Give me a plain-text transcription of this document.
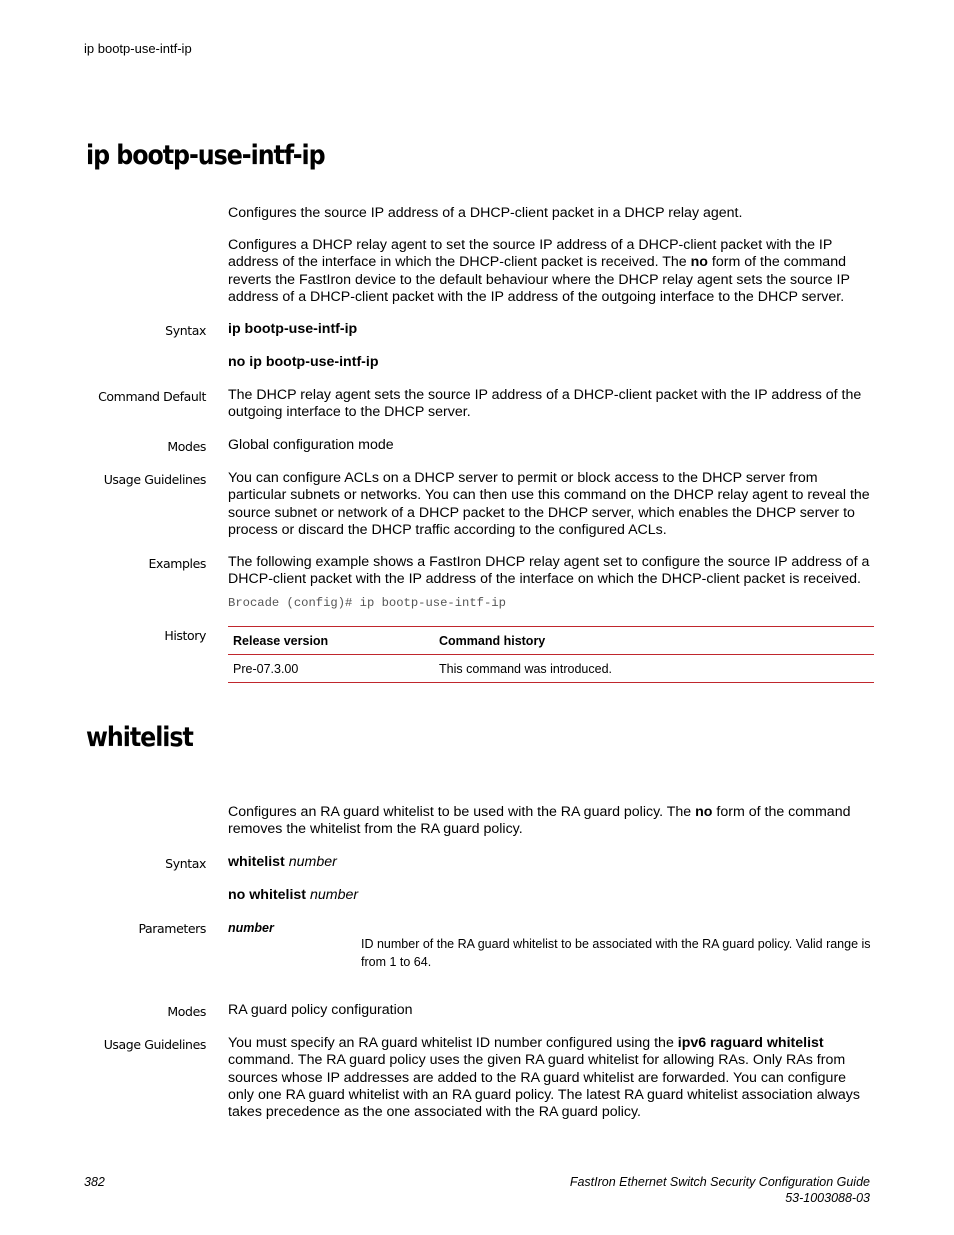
ip bootp-use-intf-ip
ip bootp-use-intf-ip
Configures the source IP address of a DHCP-client packet in a DHCP relay agent.
Configures a DHCP relay agent to set the source IP address of a DHCP-client packet with the IP address of the interface in which the DHCP-client packet is received. The no form of the command reverts the FastIron device to the default behaviour where the DHCP relay agent sets the source IP address of a DHCP-client packet with the IP address of the outgoing interface to the DHCP server.
Syntax ip bootp-use-intf-ip
no ip bootp-use-intf-ip
Command Default The DHCP relay agent sets the source IP address of a DHCP-client packet with the IP address of the outgoing interface to the DHCP server.
Modes Global configuration mode
Usage Guidelines You can configure ACLs on a DHCP server to permit or block access to the DHCP server from particular subnets or networks. You can then use this command on the DHCP relay agent to reveal the source subnet or network of a DHCP packet to the DHCP server, which enables the DHCP server to process or discard the DHCP traffic according to the configured ACLs.
Examples The following example shows a FastIron DHCP relay agent set to configure the source IP address of a DHCP-client packet with the IP address of the interface on which the DHCP-client packet is received.
Brocade (config)# ip bootp-use-intf-ip
History Release version	Command history
Pre-07.3.00	This command was introduced.
whitelist
Configures an RA guard whitelist to be used with the RA guard policy. The no form of the command removes the whitelist from the RA guard policy.
Syntax whitelist number
no whitelist number
Parameters number
ID number of the RA guard whitelist to be associated with the RA guard policy. Valid range is from 1 to 64.
Modes RA guard policy configuration
Usage Guidelines You must specify an RA guard whitelist ID number configured using the ipv6 raguard whitelist command. The RA guard policy uses the given RA guard whitelist for allowing RAs. Only RAs from sources whose IP addresses are added to the RA guard whitelist are forwarded. You can configure only one RA guard whitelist with an RA guard policy. The latest RA guard whitelist association always takes precedence as the one associated with the RA guard policy.
382	FastIron Ethernet Switch Security Configuration Guide
53-1003088-03
